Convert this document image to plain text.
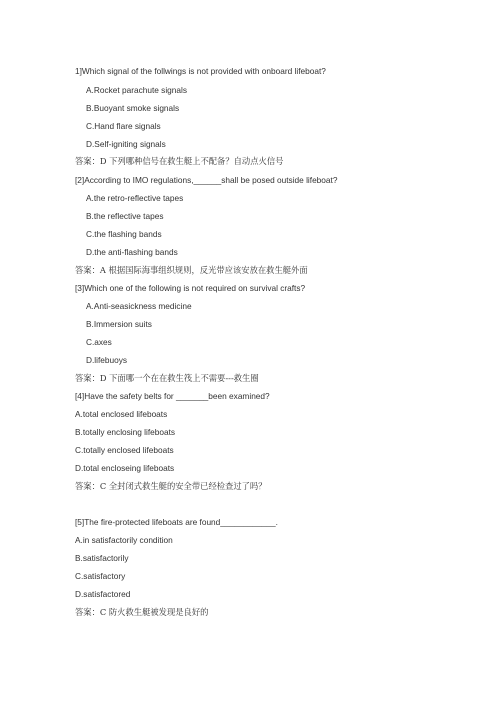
1]Which signal of the follwings is not provided with onboard lifeboat?
A.Rocket parachute signals
B.Buoyant smoke signals
C.Hand flare signals
D.Self-igniting signals
答案：D 下列哪种信号在救生艇上不配备？自动点火信号
[2]According to IMO regulations,______shall be posed outside lifeboat?
A.the retro-reflective tapes
B.the reflective tapes
C.the flashing bands
D.the anti-flashing bands
答案：A 根据国际海事组织规则，反光带应该安放在救生艇外面
[3]Which one of the following is not required on survival crafts?
A.Anti-seasickness medicine
B.Immersion suits
C.axes
D.lifebuoys
答案：D 下面哪一个在在救生筏上不需要---救生圈
[4]Have the safety belts for _______been examined?
A.total enclosed lifeboats
B.totally enclosing lifeboats
C.totally enclosed lifeboats
D.total encloseing lifeboats
答案：C 全封闭式救生艇的安全带已经检查过了吗？
[5]The fire-protected lifeboats are found____________.
A.in satisfactorily condition
B.satisfactorily
C.satisfactory
D.satisfactored
答案：C 防火救生艇被发现是良好的
